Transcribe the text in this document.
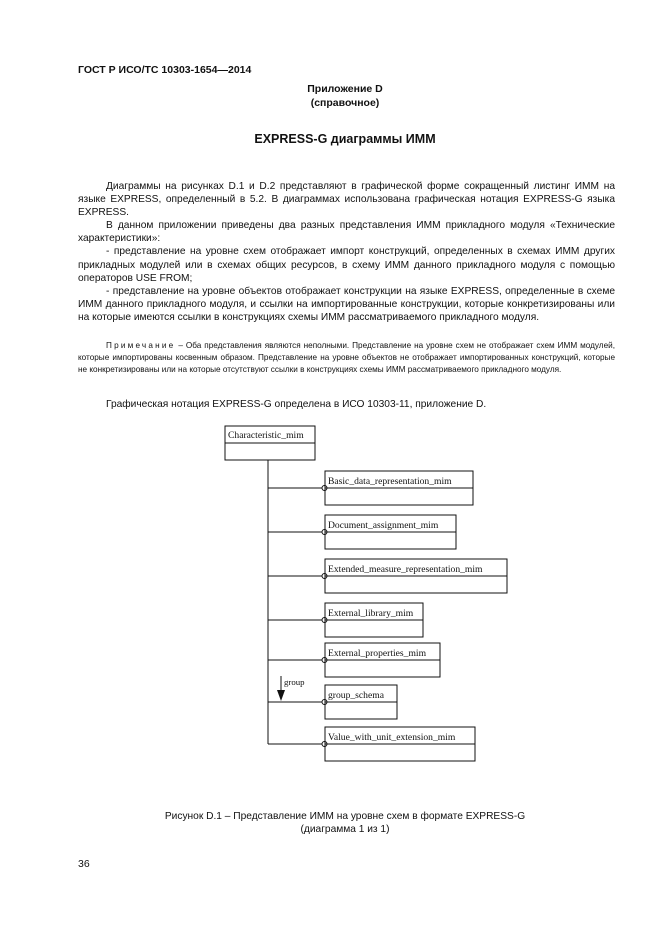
ГОСТ Р ИСО/ТС 10303-1654—2014
Приложение D
(справочное)
EXPRESS-G диаграммы ИММ

Диаграммы на рисунках D.1 и D.2 представляют в графической форме сокращенный листинг ИММ на языке EXPRESS, определенный в 5.2. В диаграммах использована графическая нотация EXPRESS-G языка EXPRESS.

В данном приложении приведены два разных представления ИММ прикладного модуля «Технические характеристики»:

- представление на уровне схем отображает импорт конструкций, определенных в схемах ИММ других прикладных модулей или в схемах общих ресурсов, в схему ИММ данного прикладного модуля с помощью операторов USE FROM;

- представление на уровне объектов отображает конструкции на языке EXPRESS, определенные в схеме ИММ данного прикладного модуля, и ссылки на импортированные конструкции, которые конкретизированы или на которые имеются ссылки в конструкциях схемы ИММ рассматриваемого прикладного модуля.

Примечание – Оба представления являются неполными. Представление на уровне схем не отображает схем ИММ модулей, которые импортированы косвенным образом. Представление на уровне объектов не отображает импортированных конструкций, которые не конкретизированы или на которые отсутствуют ссылки в конструкциях схемы ИММ рассматриваемого прикладного модуля.

Графическая нотация EXPRESS-G определена в ИСО 10303-11, приложение D.
Characteristic_mim
Basic_data_representation_mim
Document_assignment_mim
Extended_measure_representation_mim
External_library_mim
External_properties_mim
group_schema
group
Value_with_unit_extension_mim
Рисунок D.1 – Представление ИММ на уровне схем в формате EXPRESS-G
(диаграмма 1 из 1)
36
